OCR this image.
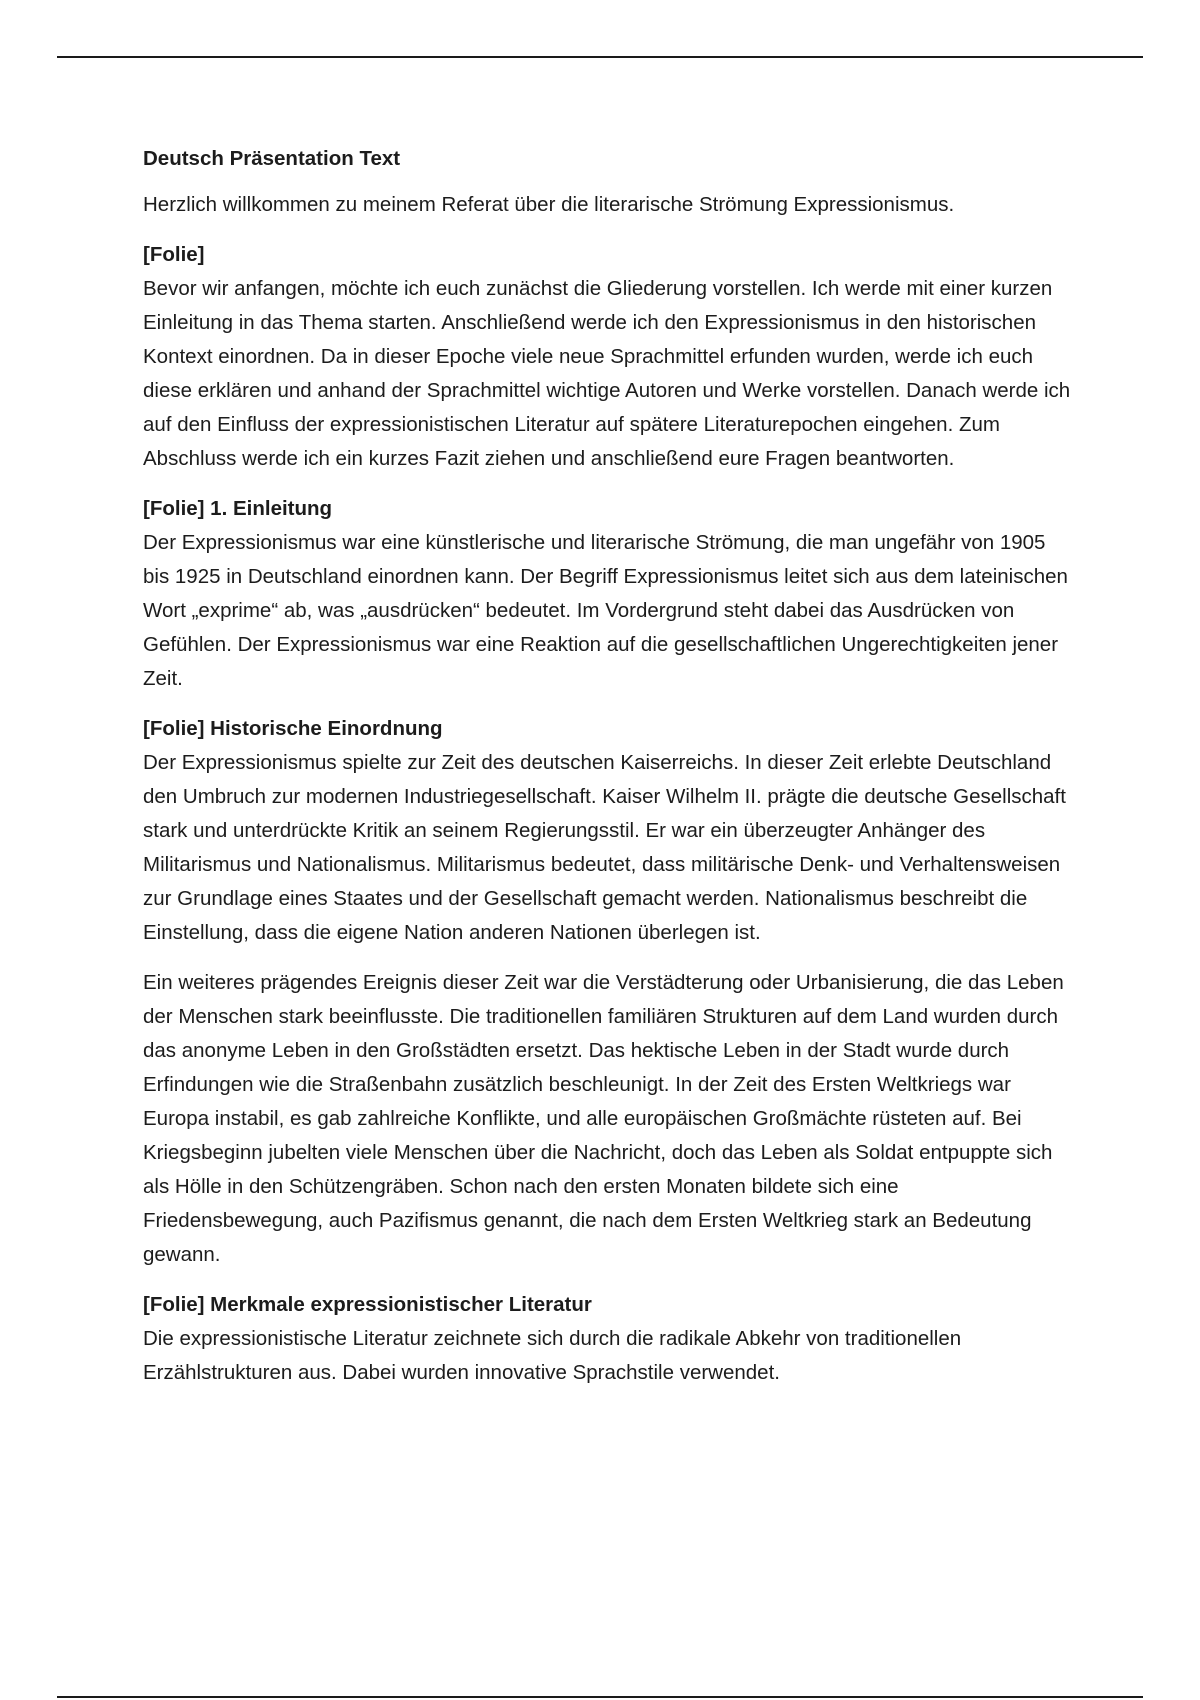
Deutsch Präsentation Text

Herzlich willkommen zu meinem Referat über die literarische Strömung Expressionismus.

[Folie]
Bevor wir anfangen, möchte ich euch zunächst die Gliederung vorstellen. Ich werde mit einer kurzen Einleitung in das Thema starten. Anschließend werde ich den Expressionismus in den historischen Kontext einordnen. Da in dieser Epoche viele neue Sprachmittel erfunden wurden, werde ich euch diese erklären und anhand der Sprachmittel wichtige Autoren und Werke vorstellen. Danach werde ich auf den Einfluss der expressionistischen Literatur auf spätere Literaturepochen eingehen. Zum Abschluss werde ich ein kurzes Fazit ziehen und anschließend eure Fragen beantworten.

[Folie] 1. Einleitung
Der Expressionismus war eine künstlerische und literarische Strömung, die man ungefähr von 1905 bis 1925 in Deutschland einordnen kann. Der Begriff Expressionismus leitet sich aus dem lateinischen Wort „exprime“ ab, was „ausdrücken“ bedeutet. Im Vordergrund steht dabei das Ausdrücken von Gefühlen. Der Expressionismus war eine Reaktion auf die gesellschaftlichen Ungerechtigkeiten jener Zeit.

[Folie] Historische Einordnung
Der Expressionismus spielte zur Zeit des deutschen Kaiserreichs. In dieser Zeit erlebte Deutschland den Umbruch zur modernen Industriegesellschaft. Kaiser Wilhelm II. prägte die deutsche Gesellschaft stark und unterdrückte Kritik an seinem Regierungsstil. Er war ein überzeugter Anhänger des Militarismus und Nationalismus. Militarismus bedeutet, dass militärische Denk- und Verhaltensweisen zur Grundlage eines Staates und der Gesellschaft gemacht werden. Nationalismus beschreibt die Einstellung, dass die eigene Nation anderen Nationen überlegen ist.

Ein weiteres prägendes Ereignis dieser Zeit war die Verstädterung oder Urbanisierung, die das Leben der Menschen stark beeinflusste. Die traditionellen familiären Strukturen auf dem Land wurden durch das anonyme Leben in den Großstädten ersetzt. Das hektische Leben in der Stadt wurde durch Erfindungen wie die Straßenbahn zusätzlich beschleunigt. In der Zeit des Ersten Weltkriegs war Europa instabil, es gab zahlreiche Konflikte, und alle europäischen Großmächte rüsteten auf. Bei Kriegsbeginn jubelten viele Menschen über die Nachricht, doch das Leben als Soldat entpuppte sich als Hölle in den Schützengräben. Schon nach den ersten Monaten bildete sich eine Friedensbewegung, auch Pazifismus genannt, die nach dem Ersten Weltkrieg stark an Bedeutung gewann.

[Folie] Merkmale expressionistischer Literatur
Die expressionistische Literatur zeichnete sich durch die radikale Abkehr von traditionellen Erzählstrukturen aus. Dabei wurden innovative Sprachstile verwendet.
